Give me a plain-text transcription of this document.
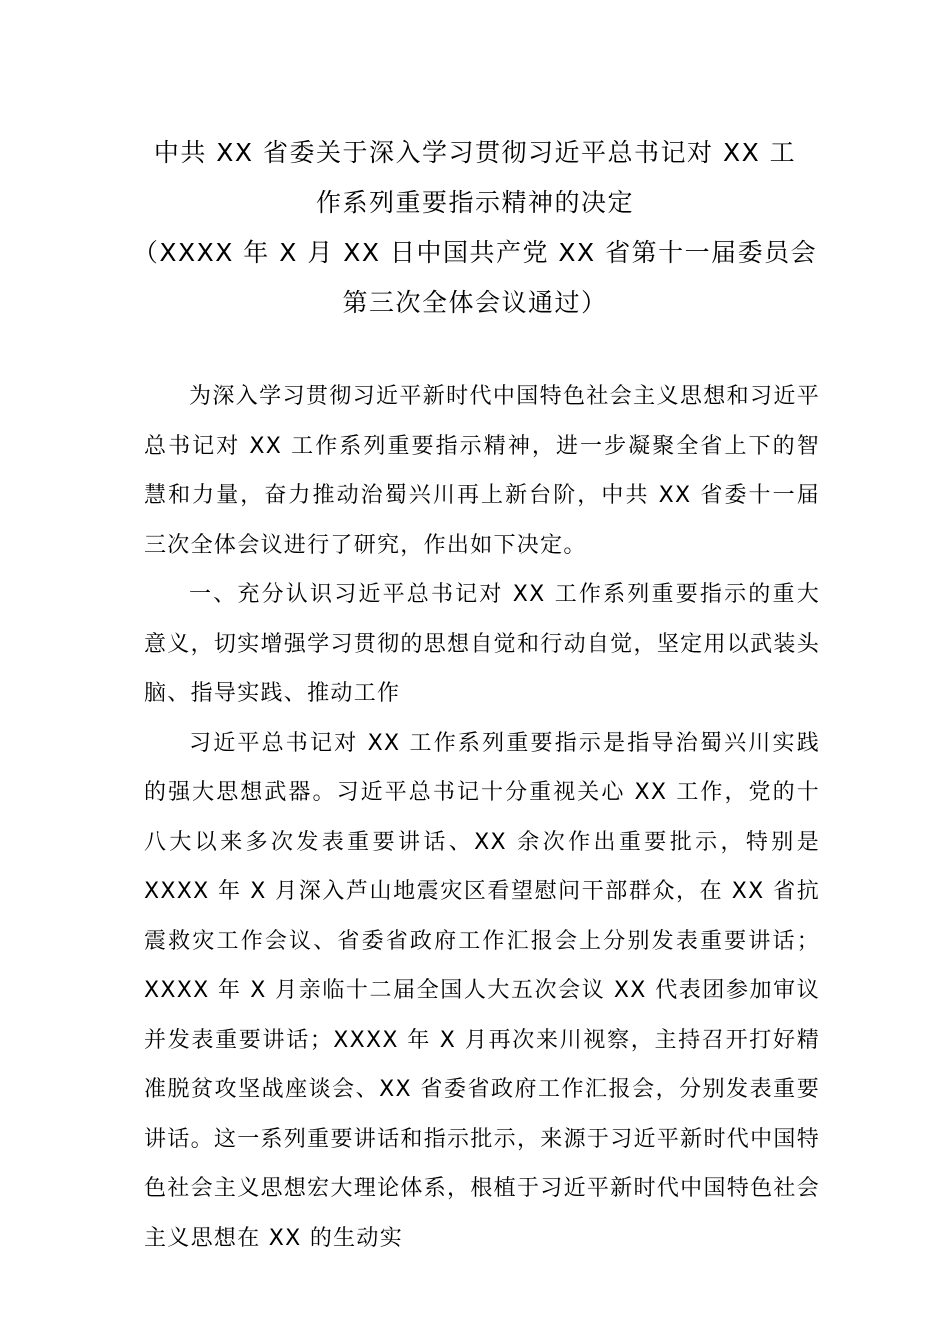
中共 XX 省委关于深入学习贯彻习近平总书记对 XX 工
作系列重要指示精神的决定
（XXXX 年 X 月 XX 日中国共产党 XX 省第十一届委员会
第三次全体会议通过）

为深入学习贯彻习近平新时代中国特色社会主义思想和习近平总书记对 XX 工作系列重要指示精神，进一步凝聚全省上下的智慧和力量，奋力推动治蜀兴川再上新台阶，中共 XX 省委十一届三次全体会议进行了研究，作出如下决定。

一、充分认识习近平总书记对 XX 工作系列重要指示的重大意义，切实增强学习贯彻的思想自觉和行动自觉，坚定用以武装头脑、指导实践、推动工作

习近平总书记对 XX 工作系列重要指示是指导治蜀兴川实践的强大思想武器。习近平总书记十分重视关心 XX 工作，党的十八大以来多次发表重要讲话、XX 余次作出重要批示，特别是 XXXX 年 X 月深入芦山地震灾区看望慰问干部群众，在 XX 省抗震救灾工作会议、省委省政府工作汇报会上分别发表重要讲话；XXXX 年 X 月亲临十二届全国人大五次会议 XX 代表团参加审议并发表重要讲话；XXXX 年 X 月再次来川视察，主持召开打好精准脱贫攻坚战座谈会、XX 省委省政府工作汇报会，分别发表重要讲话。这一系列重要讲话和指示批示，来源于习近平新时代中国特色社会主义思想宏大理论体系，根植于习近平新时代中国特色社会主义思想在 XX 的生动实
